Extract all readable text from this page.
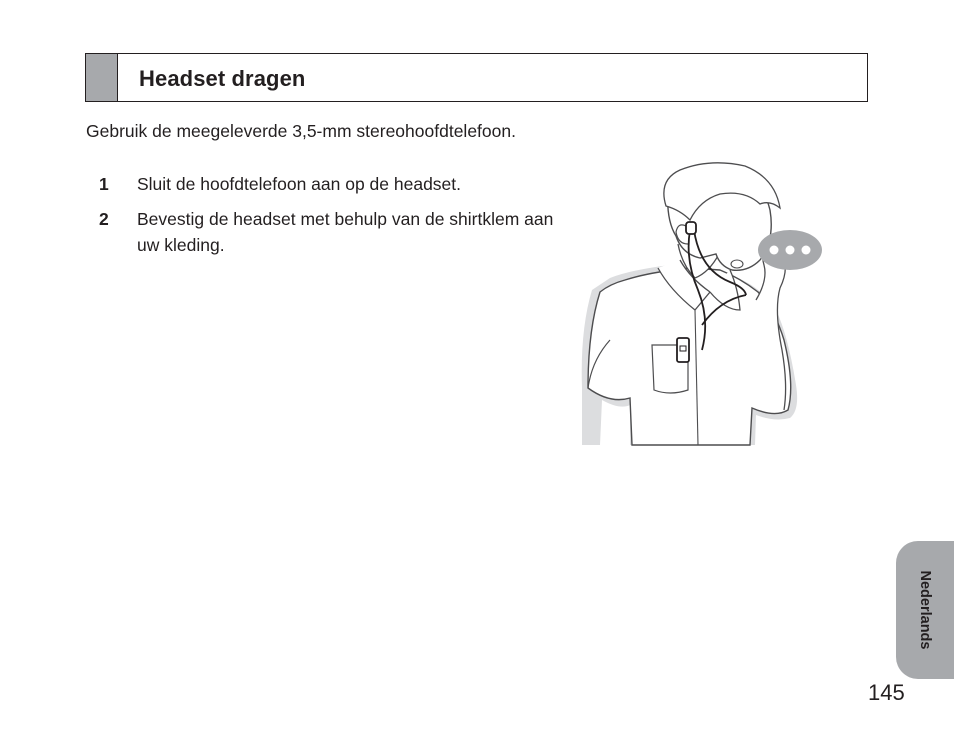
Headset dragen
Gebruik de meegeleverde 3,5-mm stereohoofdtelefoon.
1 Sluit de hoofdtelefoon aan op de headset.
2 Bevestig de headset met behulp van de shirtklem aan uw kleding.
Nederlands
145
